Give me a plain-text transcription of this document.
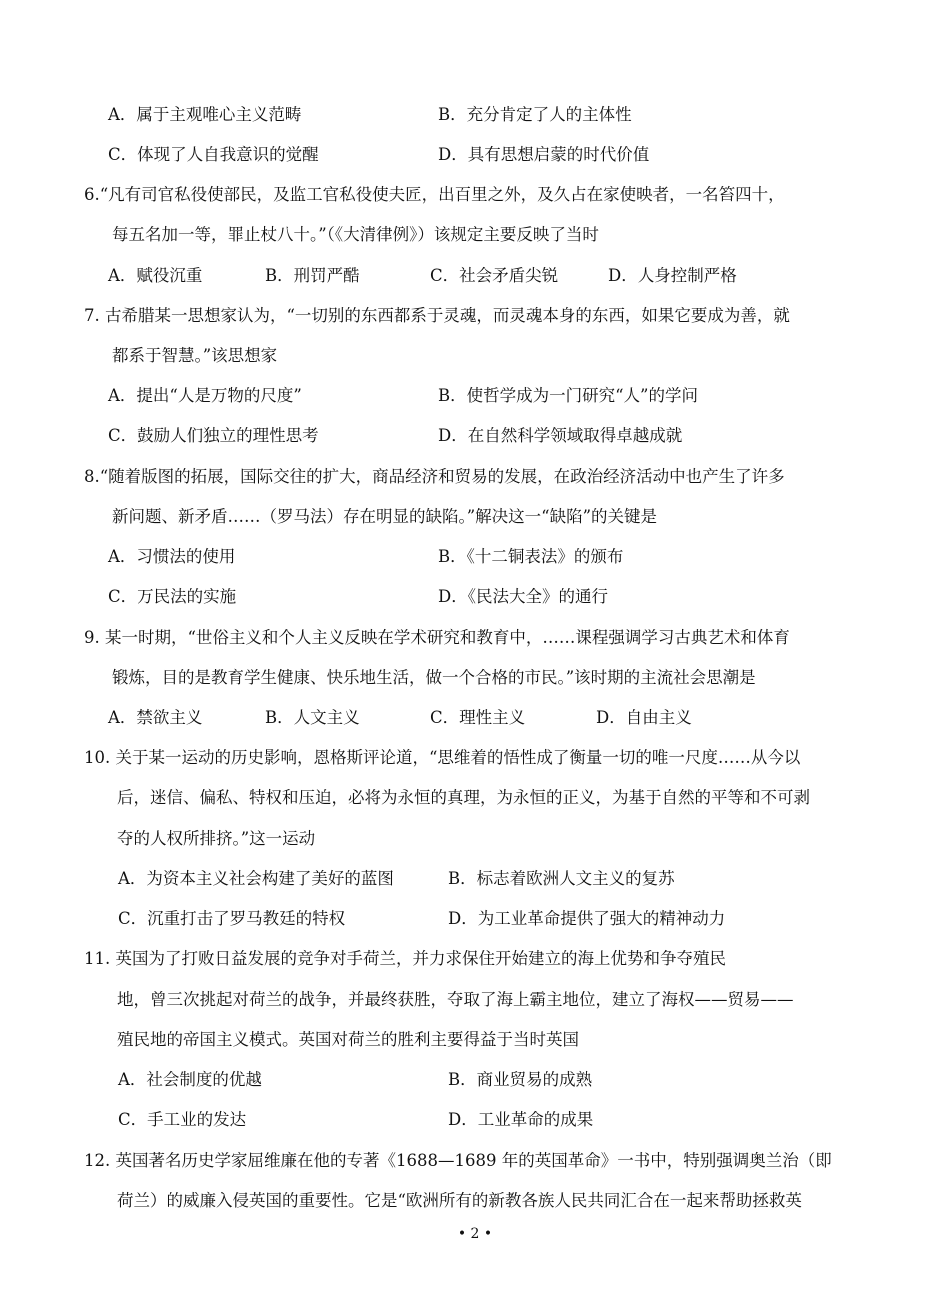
A．属于主观唯心主义范畴	B．充分肯定了人的主体性
C．体现了人自我意识的觉醒	D．具有思想启蒙的时代价值
6.“凡有司官私役使部民，及监工官私役使夫匠，出百里之外，及久占在家使映者，一名笞四十，
每五名加一等，罪止杖八十。”（《大清律例》）该规定主要反映了当时
A．赋役沉重	B．刑罚严酷	C．社会矛盾尖锐	D．人身控制严格
7. 古希腊某一思想家认为，“一切别的东西都系于灵魂，而灵魂本身的东西，如果它要成为善，就
都系于智慧。”该思想家
A．提出“人是万物的尺度”	B．使哲学成为一门研究“人”的学问
C．鼓励人们独立的理性思考	D．在自然科学领域取得卓越成就
8.“随着版图的拓展，国际交往的扩大，商品经济和贸易的发展，在政治经济活动中也产生了许多
新问题、新矛盾……（罗马法）存在明显的缺陷。”解决这一“缺陷”的关键是
A．习惯法的使用	B．《十二铜表法》的颁布
C．万民法的实施	D．《民法大全》的通行
9. 某一时期，“世俗主义和个人主义反映在学术研究和教育中，……课程强调学习古典艺术和体育
锻炼，目的是教育学生健康、快乐地生活，做一个合格的市民。”该时期的主流社会思潮是
A．禁欲主义	B．人文主义	C．理性主义	D．自由主义
10. 关于某一运动的历史影响，恩格斯评论道，“思维着的悟性成了衡量一切的唯一尺度……从今以
后，迷信、偏私、特权和压迫，必将为永恒的真理，为永恒的正义，为基于自然的平等和不可剥
夺的人权所排挤。”这一运动
A．为资本主义社会构建了美好的蓝图	B．标志着欧洲人文主义的复苏
C．沉重打击了罗马教廷的特权	D．为工业革命提供了强大的精神动力
11. 英国为了打败日益发展的竞争对手荷兰，并力求保住开始建立的海上优势和争夺殖民
地，曾三次挑起对荷兰的战争，并最终获胜，夺取了海上霸主地位，建立了海权——贸易——
殖民地的帝国主义模式。英国对荷兰的胜利主要得益于当时英国
A．社会制度的优越	B．商业贸易的成熟
C．手工业的发达	D．工业革命的成果
12. 英国著名历史学家屈维廉在他的专著《1688—1689 年的英国革命》一书中，特别强调奥兰治（即
荷兰）的威廉入侵英国的重要性。它是“欧洲所有的新教各族人民共同汇合在一起来帮助拯救英
• 2 •
